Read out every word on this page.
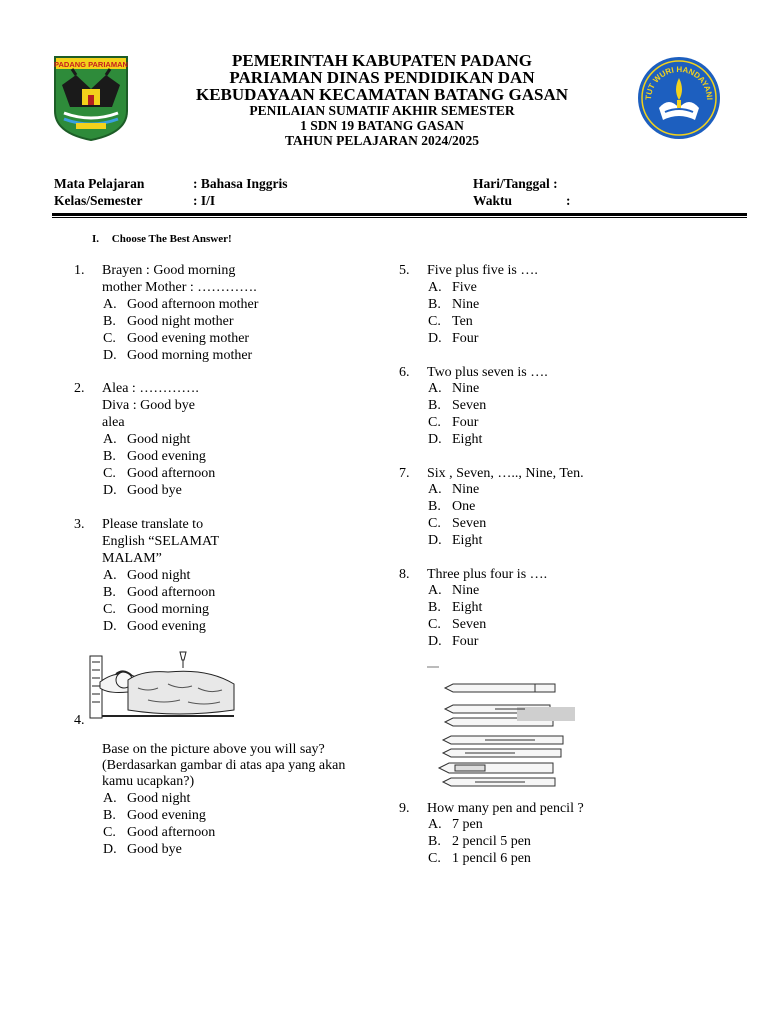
PADANG PARIAMAN
TUT WURI HANDAYANI
PEMERINTAH KABUPATEN PADANG
PARIAMAN DINAS PENDIDIKAN DAN
KEBUDAYAAN KECAMATAN BATANG GASAN
PENILAIAN SUMATIF AKHIR SEMESTER
1 SDN 19 BATANG GASAN
TAHUN PELAJARAN 2024/2025
Mata Pelajaran	: Bahasa Inggris	Hari/Tanggal :
Kelas/Semester	: I/I	Waktu	:
I. Choose The Best Answer!
1. Brayen : Good morning
mother Mother : ………….
A. Good afternoon mother
B. Good night mother
C. Good evening mother
D. Good morning mother
2. Alea : ………….
Diva : Good bye
alea
A. Good night
B. Good evening
C. Good afternoon
D. Good bye
3. Please translate to
English “SELAMAT
MALAM”
A. Good night
B. Good afternoon
C. Good morning
D. Good evening
4.
Base on the picture above you will say?
(Berdasarkan gambar di atas apa yang akan
kamu ucapkan?)
A. Good night
B. Good evening
C. Good afternoon
D. Good bye
5. Five plus five is ….
A. Five
B. Nine
C. Ten
D. Four
6. Two plus seven is ….
A. Nine
B. Seven
C. Four
D. Eight
7. Six , Seven, ….., Nine, Ten.
A. Nine
B. One
C. Seven
D. Eight
8. Three plus four is ….
A. Nine
B. Eight
C. Seven
D. Four
9. How many pen and pencil ?
A. 7 pen
B. 2 pencil 5 pen
C. 1 pencil 6 pen
